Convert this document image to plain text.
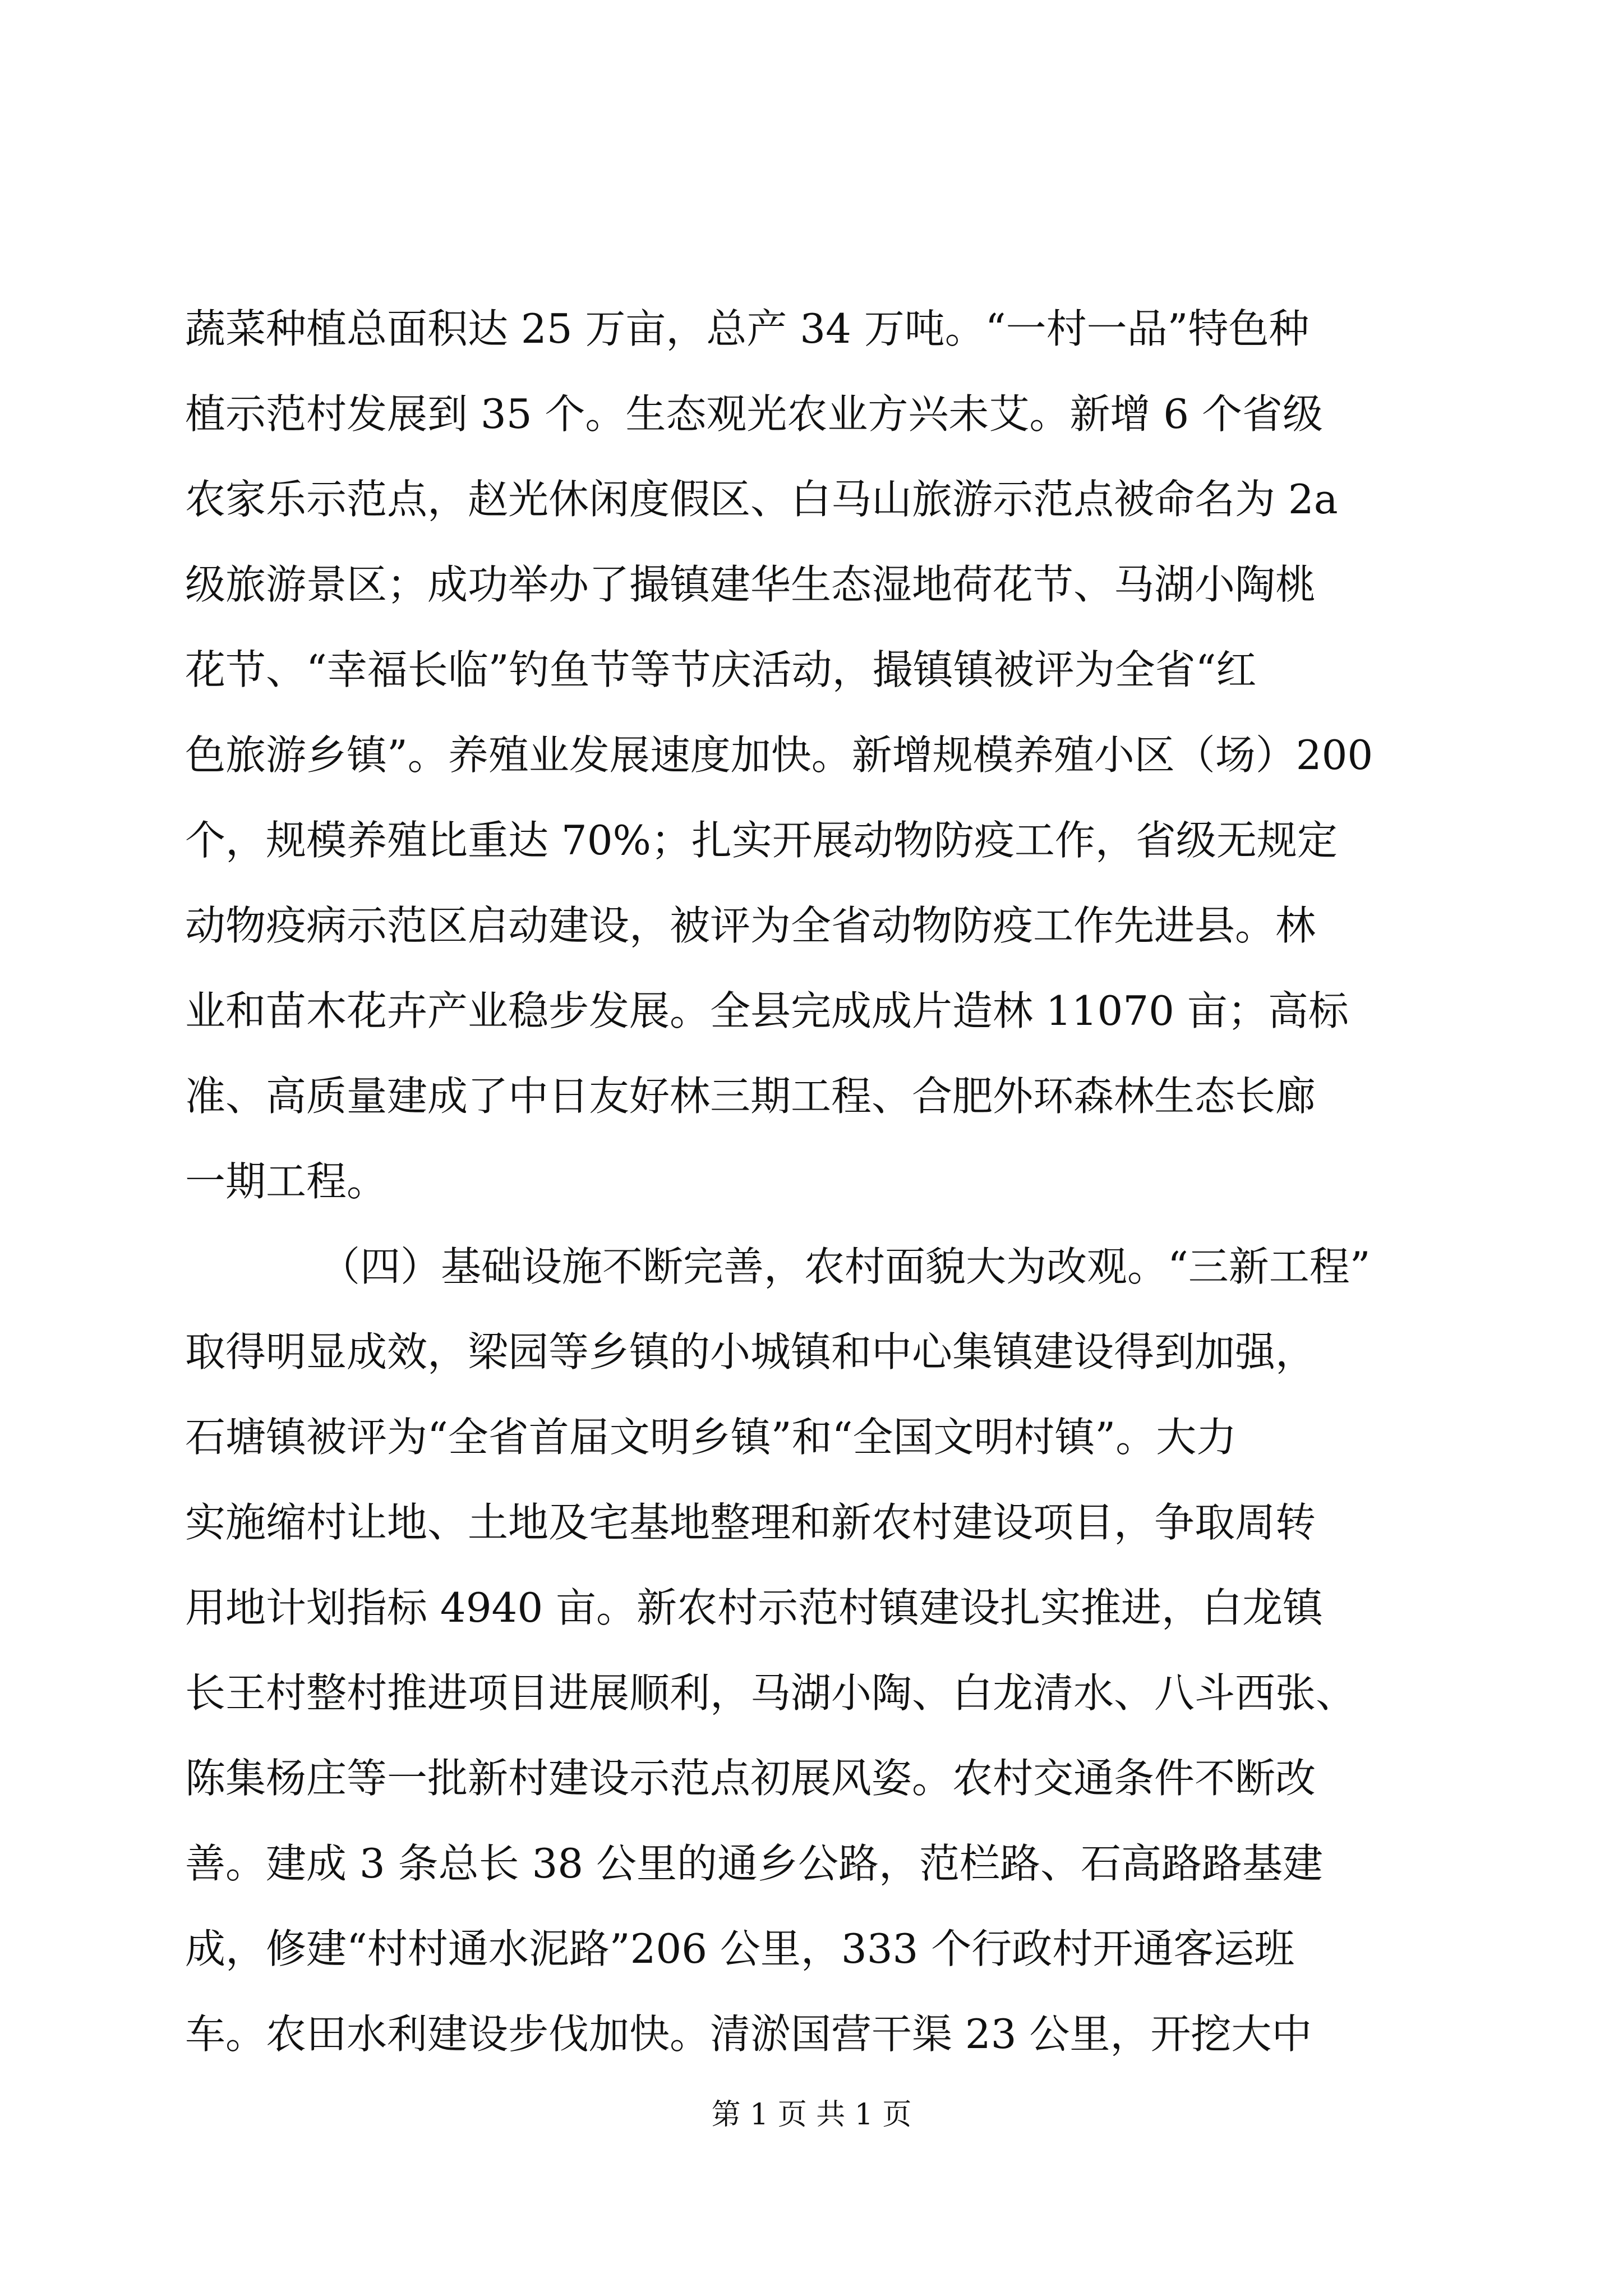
蔬菜种植总面积达 25 万亩，总产 34 万吨。“一村一品”特色种
植示范村发展到 35 个。生态观光农业方兴未艾。新增 6 个省级
农家乐示范点，赵光休闲度假区、白马山旅游示范点被命名为 2a
级旅游景区；成功举办了撮镇建华生态湿地荷花节、马湖小陶桃
花节、“幸福长临”钓鱼节等节庆活动，撮镇镇被评为全省“红
色旅游乡镇”。养殖业发展速度加快。新增规模养殖小区（场）200
个，规模养殖比重达 70%；扎实开展动物防疫工作，省级无规定
动物疫病示范区启动建设，被评为全省动物防疫工作先进县。林
业和苗木花卉产业稳步发展。全县完成成片造林 11070 亩；高标
准、高质量建成了中日友好林三期工程、合肥外环森林生态长廊
一期工程。
（四）基础设施不断完善，农村面貌大为改观。“三新工程”
取得明显成效，梁园等乡镇的小城镇和中心集镇建设得到加强，
石塘镇被评为“全省首届文明乡镇”和“全国文明村镇”。大力
实施缩村让地、土地及宅基地整理和新农村建设项目，争取周转
用地计划指标 4940 亩。新农村示范村镇建设扎实推进，白龙镇
长王村整村推进项目进展顺利，马湖小陶、白龙清水、八斗西张、
陈集杨庄等一批新村建设示范点初展风姿。农村交通条件不断改
善。建成 3 条总长 38 公里的通乡公路，范栏路、石高路路基建
成，修建“村村通水泥路”206 公里，333 个行政村开通客运班
车。农田水利建设步伐加快。清淤国营干渠 23 公里，开挖大中
第 1 页 共 1 页
